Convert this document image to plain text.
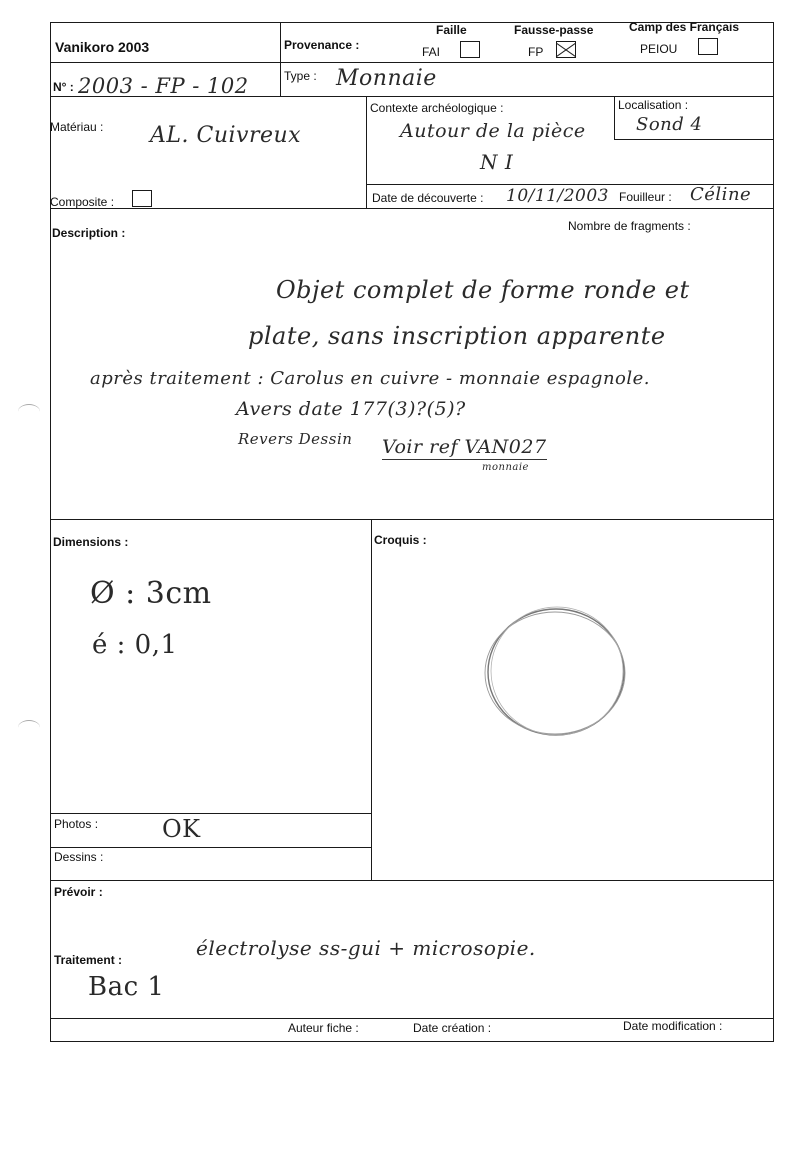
Vanikoro 2003	Provenance :
Faille
FAI
Fausse-passe
FP
Camp des Français
PEIOU
N° : 2003 - FP - 102	Type : Monnaie
Matériau : AL. Cuivreux
Contexte archéologique :
Autour de la pièce
N I
Localisation :
Sond 4
Composite :	Date de découverte : 10/11/2003 Fouilleur : Céline
Description :	Nombre de fragments :
Objet complet de forme ronde et
plate, sans inscription apparente
après traitement : Carolus en cuivre - monnaie espagnole.
Avers date 177(3)?(5)?
Revers Dessin Voir ref VAN027
monnaie
Dimensions :
Ø : 3cm
é : 0,1
Croquis :
Photos :	OK
Dessins :
Prévoir :
Traitement :	électrolyse ss-gui + microsopie.
Bac 1
Auteur fiche :	Date création :	Date modification :
